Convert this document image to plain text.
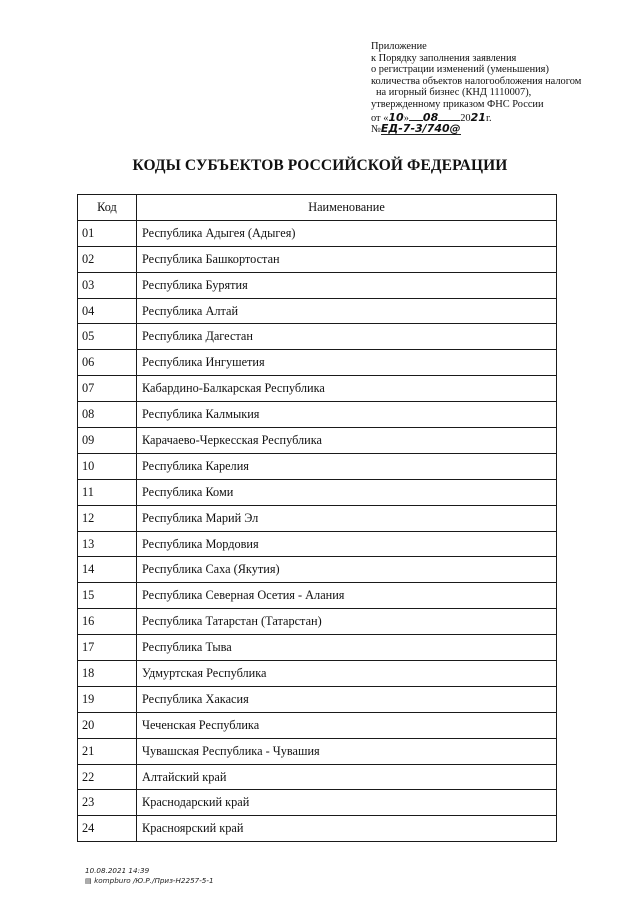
Приложение
к Порядку заполнения заявления
о регистрации изменений (уменьшения)
количества объектов налогообложения налогом
на игорный бизнес (КНД 1110007),
утвержденному приказом ФНС России
от «10» 08 2021г.
№ЕД-7-3/740@
КОДЫ СУБЪЕКТОВ РОССИЙСКОЙ ФЕДЕРАЦИИ
Код	Наименование
01	Республика Адыгея (Адыгея)
02	Республика Башкортостан
03	Республика Бурятия
04	Республика Алтай
05	Республика Дагестан
06	Республика Ингушетия
07	Кабардино-Балкарская Республика
08	Республика Калмыкия
09	Карачаево-Черкесская Республика
10	Республика Карелия
11	Республика Коми
12	Республика Марий Эл
13	Республика Мордовия
14	Республика Саха (Якутия)
15	Республика Северная Осетия - Алания
16	Республика Татарстан (Татарстан)
17	Республика Тыва
18	Удмуртская Республика
19	Республика Хакасия
20	Чеченская Республика
21	Чувашская Республика - Чувашия
22	Алтайский край
23	Краснодарский край
24	Красноярский край
10.08.2021 14:39
▤ kompburo /Ю.Р./Приз-Н2257-5-1
